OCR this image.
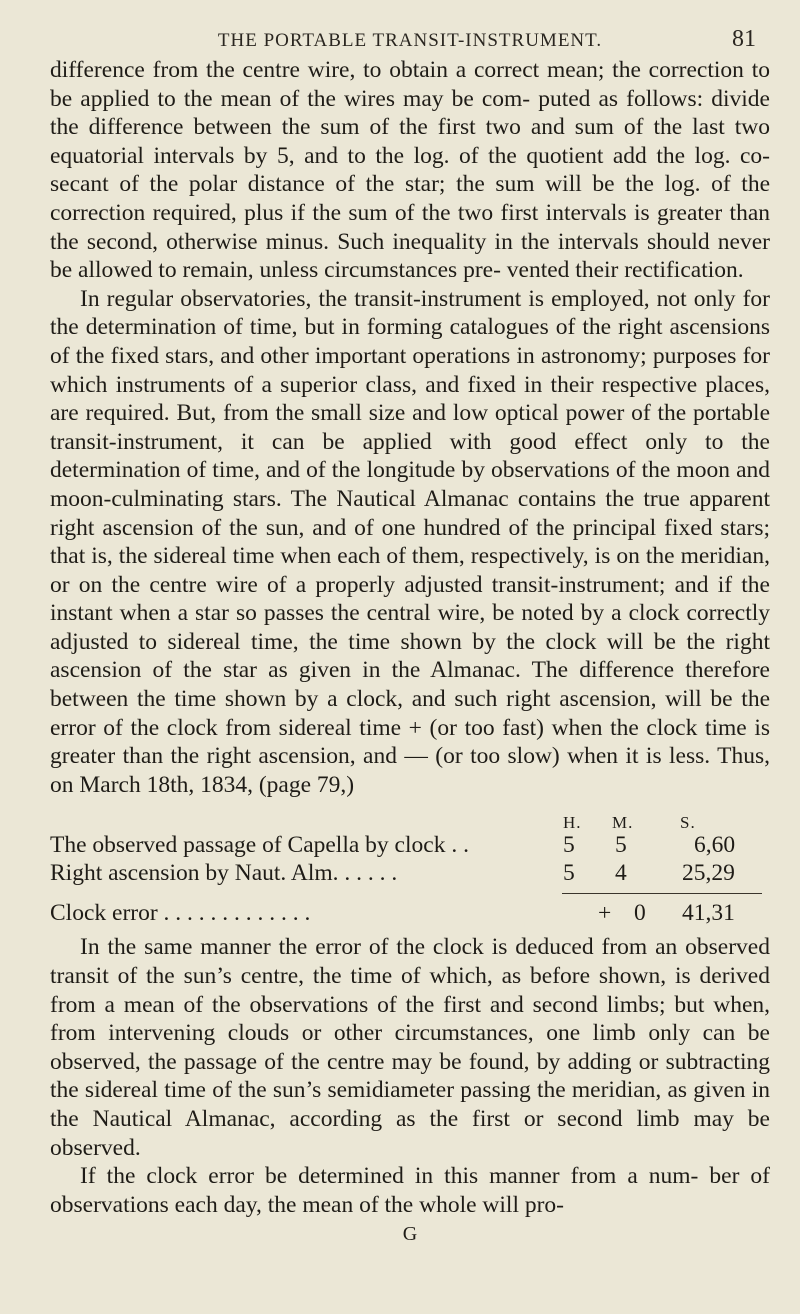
THE PORTABLE TRANSIT-INSTRUMENT.	81

difference from the centre wire, to obtain a correct mean; the correction to be applied to the mean of the wires may be com- puted as follows: divide the difference between the sum of the first two and sum of the last two equatorial intervals by 5, and to the log. of the quotient add the log. co-secant of the polar distance of the star; the sum will be the log. of the correction required, plus if the sum of the two first intervals is greater than the second, otherwise minus. Such inequality in the intervals should never be allowed to remain, unless circumstances pre- vented their rectification.

In regular observatories, the transit-instrument is employed, not only for the determination of time, but in forming catalogues of the right ascensions of the fixed stars, and other important operations in astronomy; purposes for which instruments of a superior class, and fixed in their respective places, are required. But, from the small size and low optical power of the portable transit-instrument, it can be applied with good effect only to the determination of time, and of the longitude by observations of the moon and moon-culminating stars. The Nautical Almanac contains the true apparent right ascension of the sun, and of one hundred of the principal fixed stars; that is, the sidereal time when each of them, respectively, is on the meridian, or on the centre wire of a properly adjusted transit-instrument; and if the instant when a star so passes the central wire, be noted by a clock correctly adjusted to sidereal time, the time shown by the clock will be the right ascension of the star as given in the Almanac. The difference therefore between the time shown by a clock, and such right ascension, will be the error of the clock from sidereal time + (or too fast) when the clock time is greater than the right ascension, and — (or too slow) when it is less. Thus, on March 18th, 1834, (page 79,)

H. M.	S.
The observed passage of Capella by clock . .	5 5	6,60
Right ascension by Naut. Alm. . . . . .	5 4 25,29
Clock error . . . . . . . . . . . . .	+ 0 41,31

In the same manner the error of the clock is deduced from an observed transit of the sun’s centre, the time of which, as before shown, is derived from a mean of the observations of the first and second limbs; but when, from intervening clouds or other circumstances, one limb only can be observed, the passage of the centre may be found, by adding or subtracting the sidereal time of the sun’s semidiameter passing the meridian, as given in the Nautical Almanac, according as the first or second limb may be observed.

If the clock error be determined in this manner from a num- ber of observations each day, the mean of the whole will pro-

G
